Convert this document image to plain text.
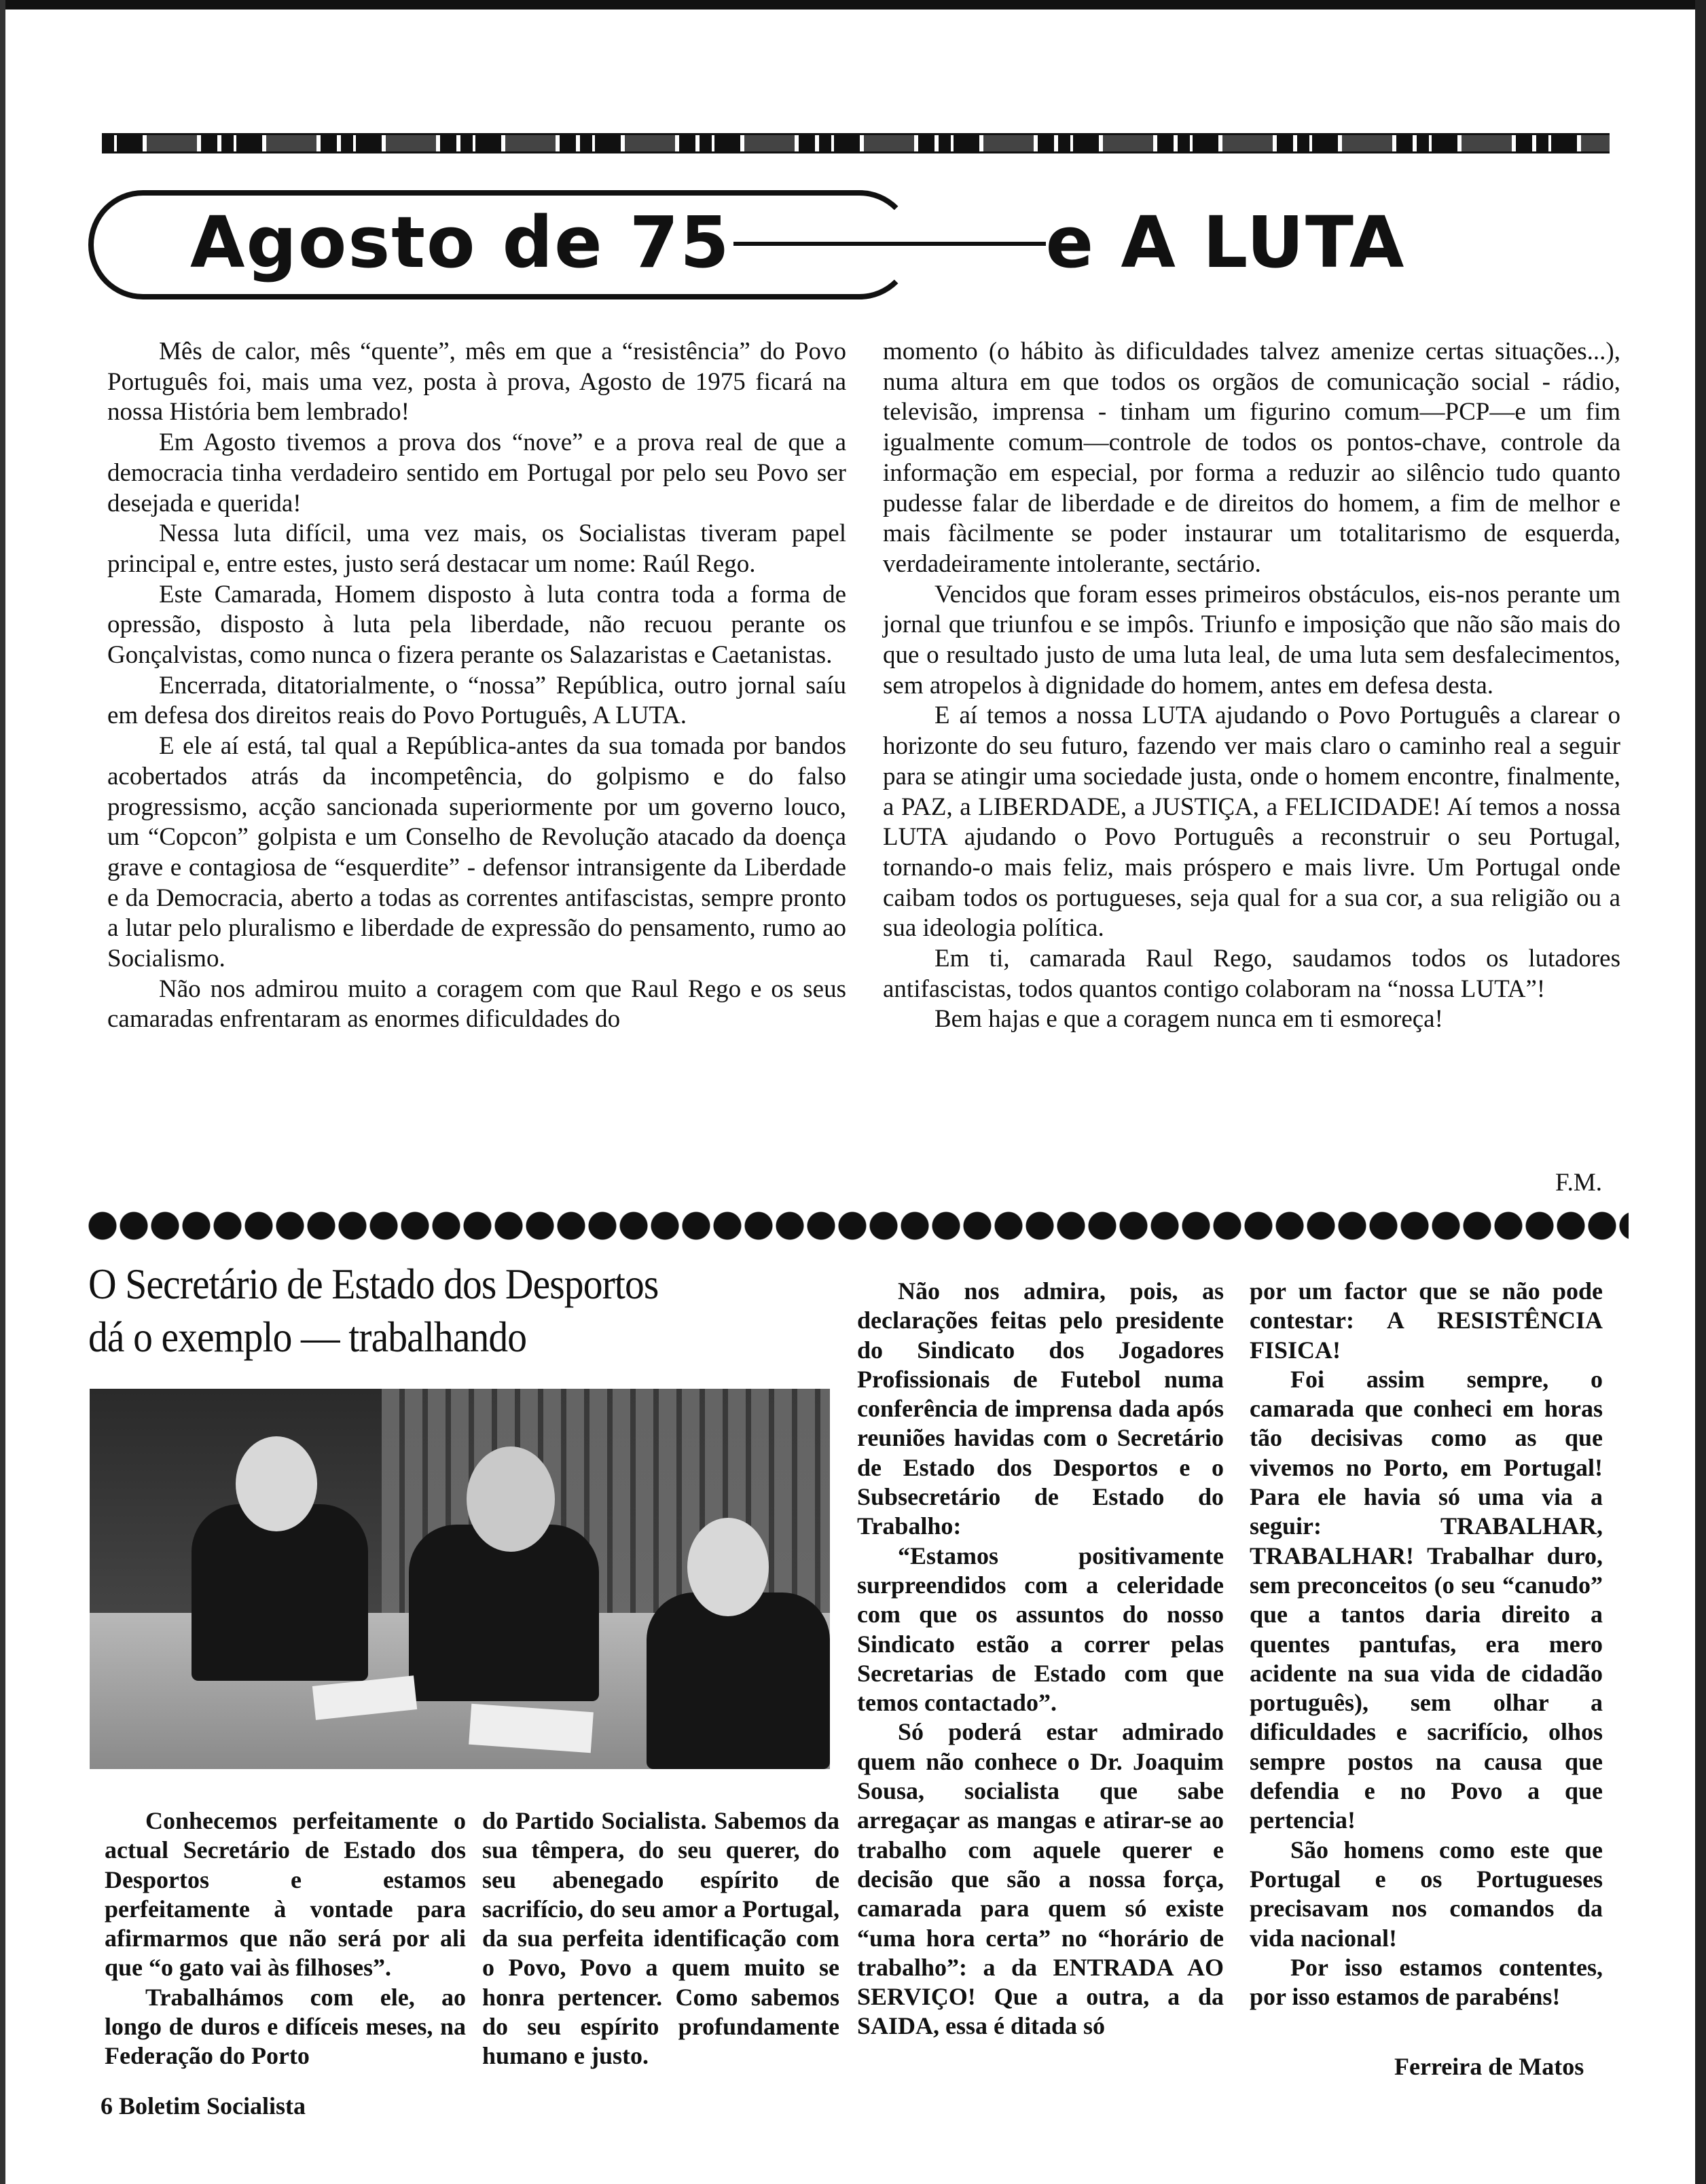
Agosto de 75	e A LUTA

Mês de calor, mês “quente”, mês em que a “resistência” do Povo Português foi, mais uma vez, posta à prova, Agosto de 1975 ficará na nossa História bem lembrado!

Em Agosto tivemos a prova dos “nove” e a prova real de que a democracia tinha verdadeiro sentido em Portugal por pelo seu Povo ser desejada e querida!

Nessa luta difícil, uma vez mais, os Socialistas tiveram papel principal e, entre estes, justo será destacar um nome: Raúl Rego.

Este Camarada, Homem disposto à luta contra toda a forma de opressão, disposto à luta pela liberdade, não recuou perante os Gonçalvistas, como nunca o fizera perante os Salazaristas e Caetanistas.

Encerrada, ditatorialmente, o “nossa” República, outro jornal saíu em defesa dos direitos reais do Povo Português, A LUTA.

E ele aí está, tal qual a República-antes da sua tomada por bandos acobertados atrás da incompetência, do golpismo e do falso progressismo, acção sancionada superiormente por um governo louco, um “Copcon” golpista e um Conselho de Revolução atacado da doença grave e contagiosa de “esquerdite” - defensor intransigente da Liberdade e da Democracia, aberto a todas as correntes antifascistas, sempre pronto a lutar pelo pluralismo e liberdade de expressão do pensamento, rumo ao Socialismo.

Não nos admirou muito a coragem com que Raul Rego e os seus camaradas enfrentaram as enormes dificuldades do

momento (o hábito às dificuldades talvez amenize certas situações...), numa altura em que todos os orgãos de comunicação social - rádio, televisão, imprensa - tinham um figurino comum—PCP—e um fim igualmente comum—controle de todos os pontos-chave, controle da informação em especial, por forma a reduzir ao silêncio tudo quanto pudesse falar de liberdade e de direitos do homem, a fim de melhor e mais fàcilmente se poder instaurar um totalitarismo de esquerda, verdadeiramente intolerante, sectário.

Vencidos que foram esses primeiros obstáculos, eis-nos perante um jornal que triunfou e se impôs. Triunfo e imposição que não são mais do que o resultado justo de uma luta leal, de uma luta sem desfalecimentos, sem atropelos à dignidade do homem, antes em defesa desta.

E aí temos a nossa LUTA ajudando o Povo Português a clarear o horizonte do seu futuro, fazendo ver mais claro o caminho real a seguir para se atingir uma sociedade justa, onde o homem encontre, finalmente, a PAZ, a LIBERDADE, a JUSTIÇA, a FELICIDADE! Aí temos a nossa LUTA ajudando o Povo Português a reconstruir o seu Portugal, tornando-o mais feliz, mais próspero e mais livre. Um Portugal onde caibam todos os portugueses, seja qual for a sua cor, a sua religião ou a sua ideologia política.

Em ti, camarada Raul Rego, saudamos todos os lutadores antifascistas, todos quantos contigo colaboram na “nossa LUTA”!

Bem hajas e que a coragem nunca em ti esmoreça!

F.M.
O Secretário de Estado dos Desportos
dá o exemplo — trabalhando

Conhecemos perfeitamente o actual Secretário de Estado dos Desportos e estamos perfeitamente à vontade para afirmarmos que não será por ali que “o gato vai às filhoses”.

Trabalhámos com ele, ao longo de duros e difíceis meses, na Federação do Porto

do Partido Socialista. Sabemos da sua têmpera, do seu querer, do seu abenegado espírito de sacrifício, do seu amor a Portugal, da sua perfeita identificação com o Povo, Povo a quem muito se honra pertencer. Como sabemos do seu espírito profundamente humano e justo.

Não nos admira, pois, as declarações feitas pelo presidente do Sindicato dos Jogadores Profissionais de Futebol numa conferência de imprensa dada após reuniões havidas com o Secretário de Estado dos Desportos e o Subsecretário de Estado do Trabalho:

“Estamos positivamente surpreendidos com a celeridade com que os assuntos do nosso Sindicato estão a correr pelas Secretarias de Estado com que temos contactado”.

Só poderá estar admirado quem não conhece o Dr. Joaquim Sousa, socialista que sabe arregaçar as mangas e atirar-se ao trabalho com aquele querer e decisão que são a nossa força, camarada para quem só existe “uma hora certa” no “horário de trabalho”: a da ENTRADA AO SERVIÇO! Que a outra, a da SAIDA, essa é ditada só

por um factor que se não pode contestar: A RESISTÊNCIA FISICA!

Foi assim sempre, o camarada que conheci em horas tão decisivas como as que vivemos no Porto, em Portugal! Para ele havia só uma via a seguir: TRABALHAR, TRABALHAR! Trabalhar duro, sem preconceitos (o seu “canudo” que a tantos daria direito a quentes pantufas, era mero acidente na sua vida de cidadão português), sem olhar a dificuldades e sacrifício, olhos sempre postos na causa que defendia e no Povo a que pertencia!

São homens como este que Portugal e os Portugueses precisavam nos comandos da vida nacional!

Por isso estamos contentes, por isso estamos de parabéns!

Ferreira de Matos
6 Boletim Socialista
